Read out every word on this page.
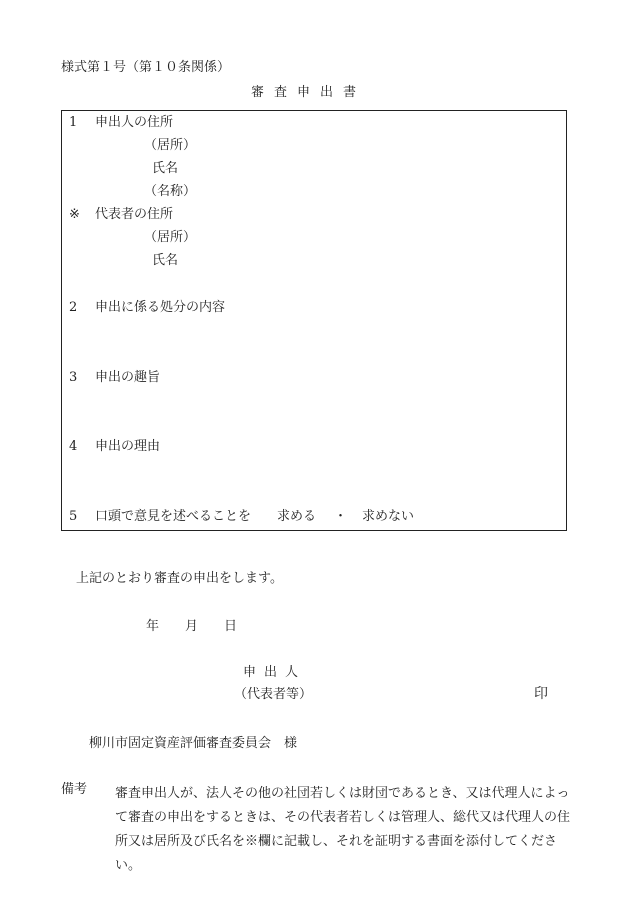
様式第１号（第１０条関係）
審査申出書
1 申出人の住所
（居所）
氏名
（名称）
※ 代表者の住所
（居所）
氏名
2 申出に係る処分の内容
3 申出の趣旨
4 申出の理由
5 口頭で意見を述べることを 求める ・ 求めない
上記のとおり審査の申出をします。
年　　月　　日
申出人
（代表者等）	印
柳川市固定資産評価審査委員会　様
備考	審査申出人が、法人その他の社団若しくは財団であるとき、又は代理人によって審査の申出をするときは、その代表者若しくは管理人、総代又は代理人の住所又は居所及び氏名を※欄に記載し、それを証明する書面を添付してください。
